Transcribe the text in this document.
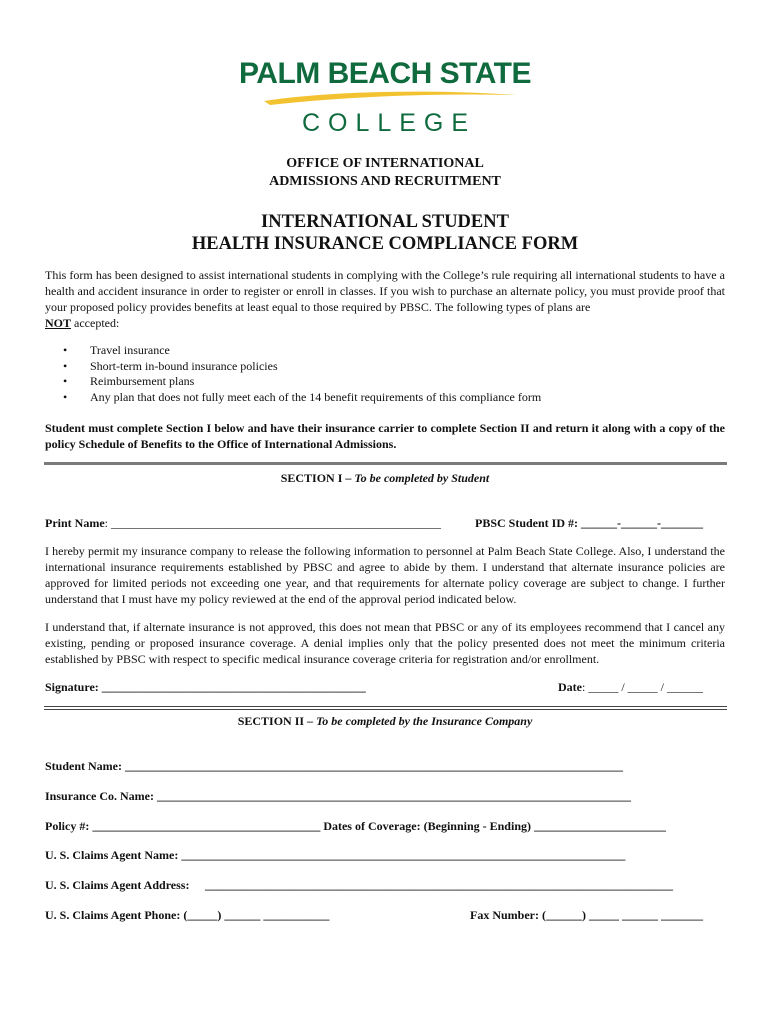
PALM BEACH STATE
COLLEGE
OFFICE OF INTERNATIONAL
ADMISSIONS AND RECRUITMENT
INTERNATIONAL STUDENT
HEALTH INSURANCE COMPLIANCE FORM
This form has been designed to assist international students in complying with the College’s rule requiring all international students to have a health and accident insurance in order to register or enroll in classes. If you wish to purchase an alternate policy, you must provide proof that your proposed policy provides benefits at least equal to those required by PBSC. The following types of plans are
NOT accepted:
• Travel insurance
• Short-term in-bound insurance policies
• Reimbursement plans
• Any plan that does not fully meet each of the 14 benefit requirements of this compliance form
Student must complete Section I below and have their insurance carrier to complete Section II and return it along with a copy of the policy Schedule of Benefits to the Office of International Admissions.
SECTION I – To be completed by Student
Print Name: _______________________________________________________	PBSC Student ID #: ______-______-_______
I hereby permit my insurance company to release the following information to personnel at Palm Beach State College. Also, I understand the international insurance requirements established by PBSC and agree to abide by them. I understand that alternate insurance policies are approved for limited periods not exceeding one year, and that requirements for alternate policy coverage are subject to change. I further understand that I must have my policy reviewed at the end of the approval period indicated below.
I understand that, if alternate insurance is not approved, this does not mean that PBSC or any of its employees recommend that I cancel any existing, pending or proposed insurance coverage. A denial implies only that the policy presented does not meet the minimum criteria established by PBSC with respect to specific medical insurance coverage criteria for registration and/or enrollment.
Signature: ____________________________________________	Date: _____ / _____ / ______
SECTION II – To be completed by the Insurance Company
Student Name: ___________________________________________________________________________________
Insurance Co. Name: _______________________________________________________________________________
Policy #: ______________________________________ Dates of Coverage: (Beginning - Ending) ______________________
U. S. Claims Agent Name: __________________________________________________________________________
U. S. Claims Agent Address: ______________________________________________________________________________
U. S. Claims Agent Phone: (_____) ______ ___________	Fax Number: (______) _____ ______ _______
